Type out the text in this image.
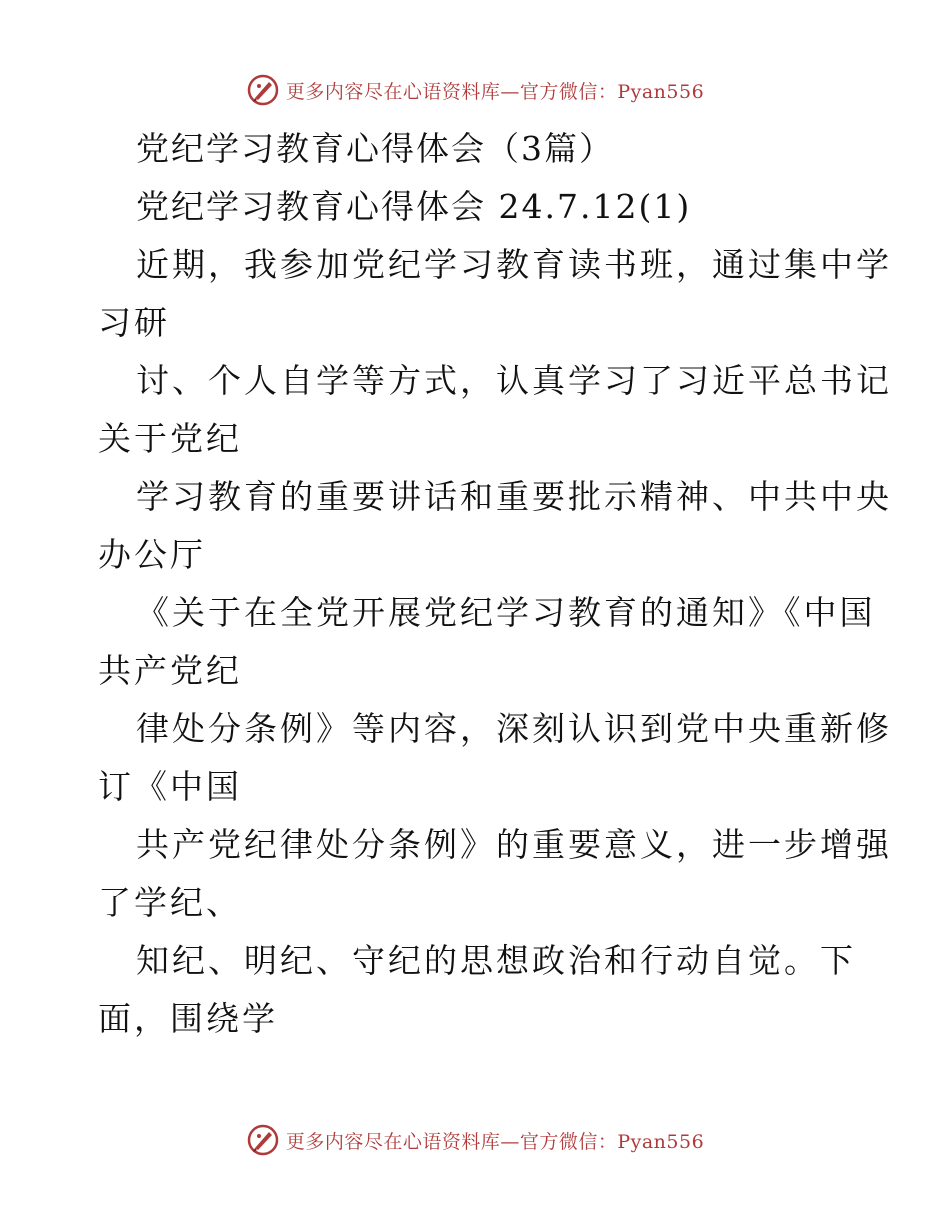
更多内容尽在心语资料库—官方微信：Pyan556

党纪学习教育心得体会（3篇）

党纪学习教育心得体会 24.7.12(1)

近期，我参加党纪学习教育读书班，通过集中学

习研

讨、个人自学等方式，认真学习了习近平总书记

关于党纪

学习教育的重要讲话和重要批示精神、中共中央

办公厅

《关于在全党开展党纪学习教育的通知》《中国

共产党纪

律处分条例》等内容，深刻认识到党中央重新修

订《中国

共产党纪律处分条例》的重要意义，进一步增强

了学纪、

知纪、明纪、守纪的思想政治和行动自觉。下

面，围绕学

更多内容尽在心语资料库—官方微信：Pyan556
